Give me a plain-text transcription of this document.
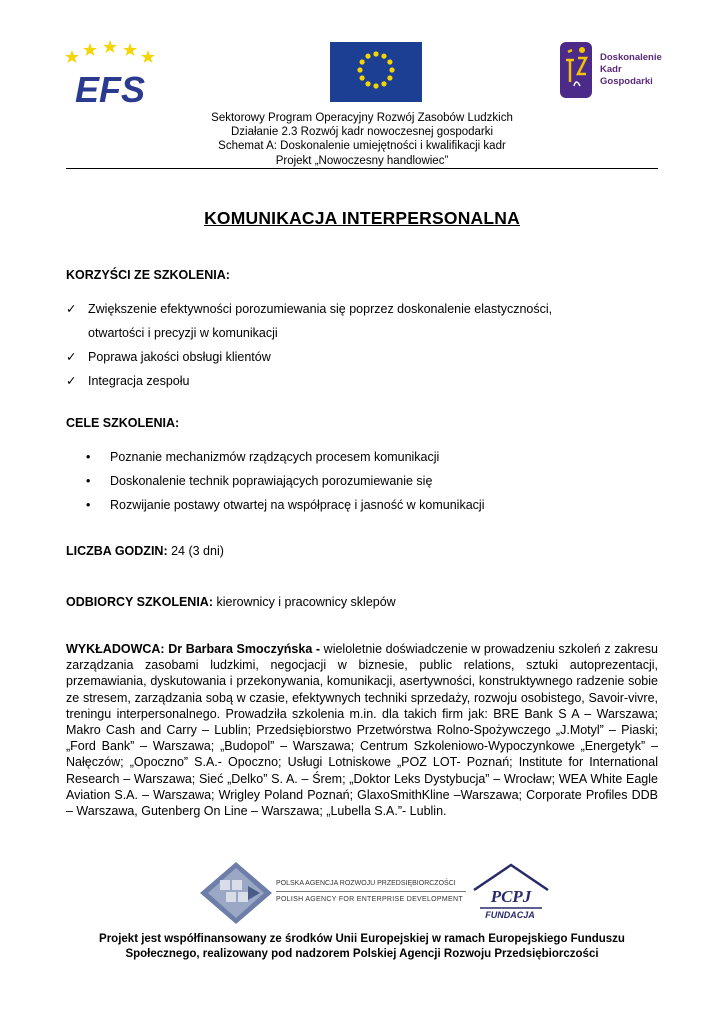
EFS
Doskonalenie
Kadr
Gospodarki
Sektorowy Program Operacyjny Rozwój Zasobów Ludzkich
Działanie 2.3 Rozwój kadr nowoczesnej gospodarki
Schemat A: Doskonalenie umiejętności i kwalifikacji kadr
Projekt „Nowoczesny handlowiec”
KOMUNIKACJA INTERPERSONALNA
KORZYŚCI ZE SZKOLENIA:
✓ Zwiększenie efektywności porozumiewania się poprzez doskonalenie elastyczności,
otwartości i precyzji w komunikacji
✓ Poprawa jakości obsługi klientów
✓ Integracja zespołu
CELE SZKOLENIA:
• Poznanie mechanizmów rządzących procesem komunikacji
• Doskonalenie technik poprawiających porozumiewanie się
• Rozwijanie postawy otwartej na współpracę i jasność w komunikacji
LICZBA GODZIN: 24 (3 dni)
ODBIORCY SZKOLENIA: kierownicy i pracownicy sklepów
WYKŁADOWCA: Dr Barbara Smoczyńska - wieloletnie doświadczenie w prowadzeniu szkoleń z zakresu zarządzania zasobami ludzkimi, negocjacji w biznesie, public relations, sztuki autoprezentacji, przemawiania, dyskutowania i przekonywania, komunikacji, asertywności, konstruktywnego radzenie sobie ze stresem, zarządzania sobą w czasie, efektywnych techniki sprzedaży, rozwoju osobistego, Savoir-vivre, treningu interpersonalnego. Prowadziła szkolenia m.in. dla takich firm jak: BRE Bank S A – Warszawa; Makro Cash and Carry – Lublin; Przedsiębiorstwo Przetwórstwa Rolno-Spożywczego „J.Motyl” – Piaski; „Ford Bank” – Warszawa; „Budopol” – Warszawa; Centrum Szkoleniowo-Wypoczynkowe „Energetyk” – Nałęczów; „Opoczno” S.A.- Opoczno; Usługi Lotniskowe „POZ LOT- Poznań; Institute for International Research – Warszawa; Sieć „Delko” S. A. – Śrem; „Doktor Leks Dystybucja” – Wrocław; WEA White Eagle Aviation S.A. – Warszawa; Wrigley Poland Poznań; GlaxoSmithKline –Warszawa; Corporate Profiles DDB – Warszawa, Gutenberg On Line – Warszawa; „Lubella S.A.”- Lublin.
POLSKA AGENCJA ROZWOJU PRZEDSIĘBIORCZOŚCI
POLISH AGENCY FOR ENTERPRISE DEVELOPMENT PCPJ
FUNDACJA
Projekt jest współfinansowany ze środków Unii Europejskiej w ramach Europejskiego Funduszu
Społecznego, realizowany pod nadzorem Polskiej Agencji Rozwoju Przedsiębiorczości
